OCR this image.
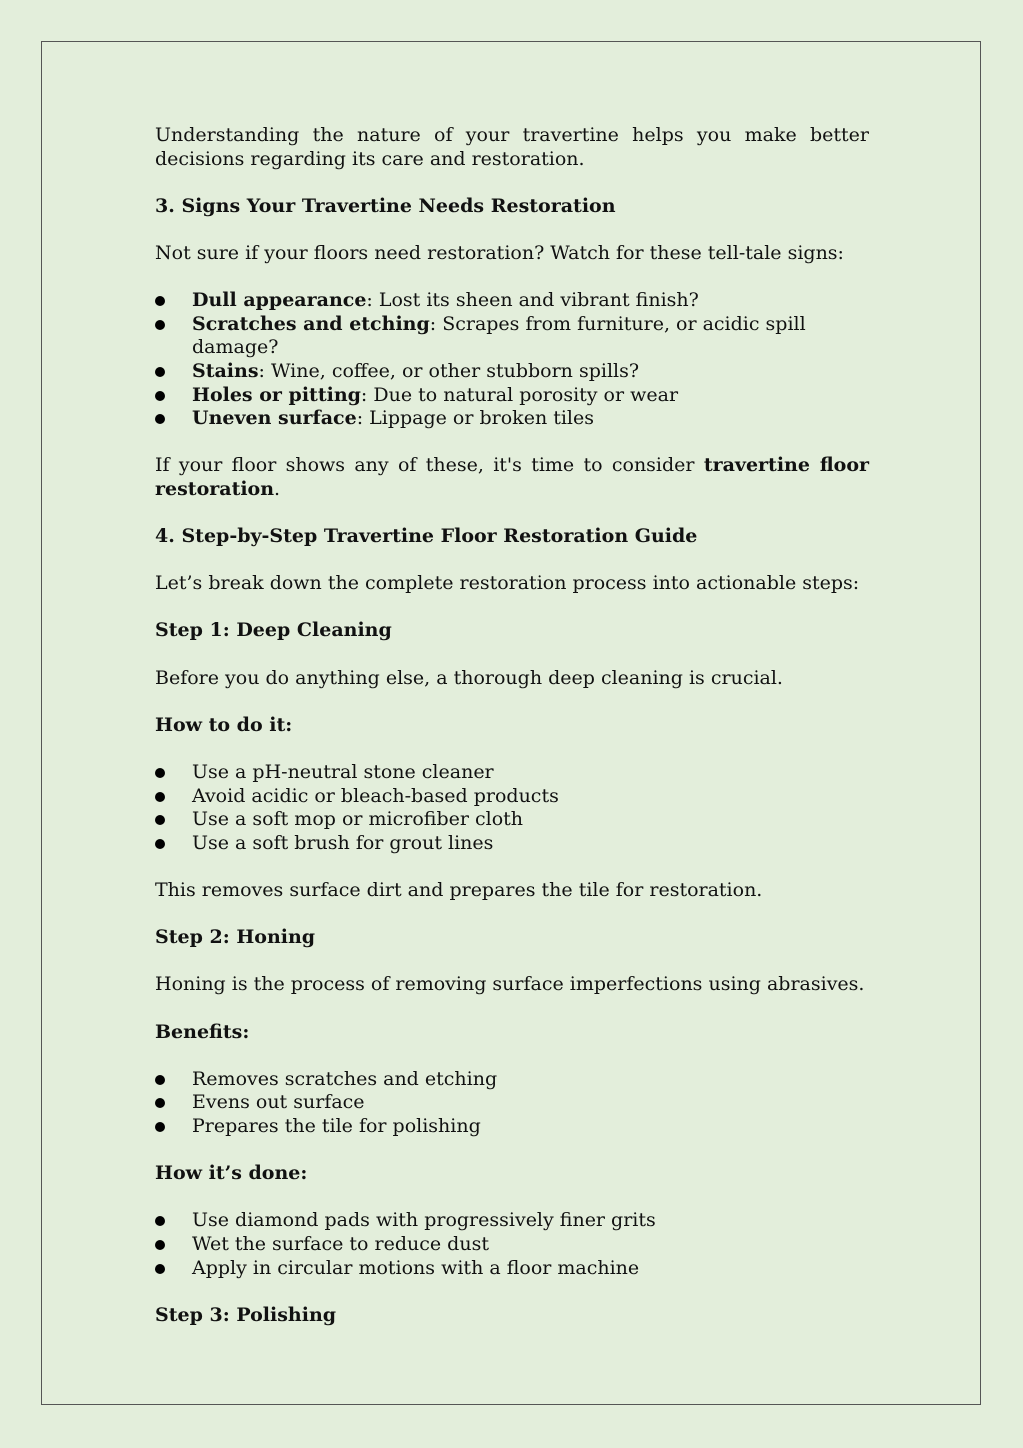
Understanding the nature of your travertine helps you make better decisions regarding its care and restoration.

3. Signs Your Travertine Needs Restoration

Not sure if your floors need restoration? Watch for these tell-tale signs:

Dull appearance: Lost its sheen and vibrant finish?
Scratches and etching: Scrapes from furniture, or acidic spill damage?
Stains: Wine, coffee, or other stubborn spills?
Holes or pitting: Due to natural porosity or wear
Uneven surface: Lippage or broken tiles

If your floor shows any of these, it's time to consider travertine floor restoration.

4. Step-by-Step Travertine Floor Restoration Guide

Let’s break down the complete restoration process into actionable steps:

Step 1: Deep Cleaning

Before you do anything else, a thorough deep cleaning is crucial.

How to do it:
Use a pH-neutral stone cleaner
Avoid acidic or bleach-based products
Use a soft mop or microfiber cloth
Use a soft brush for grout lines

This removes surface dirt and prepares the tile for restoration.

Step 2: Honing

Honing is the process of removing surface imperfections using abrasives.

Benefits:
Removes scratches and etching
Evens out surface
Prepares the tile for polishing
How it’s done:
Use diamond pads with progressively finer grits
Wet the surface to reduce dust
Apply in circular motions with a floor machine
Step 3: Polishing
